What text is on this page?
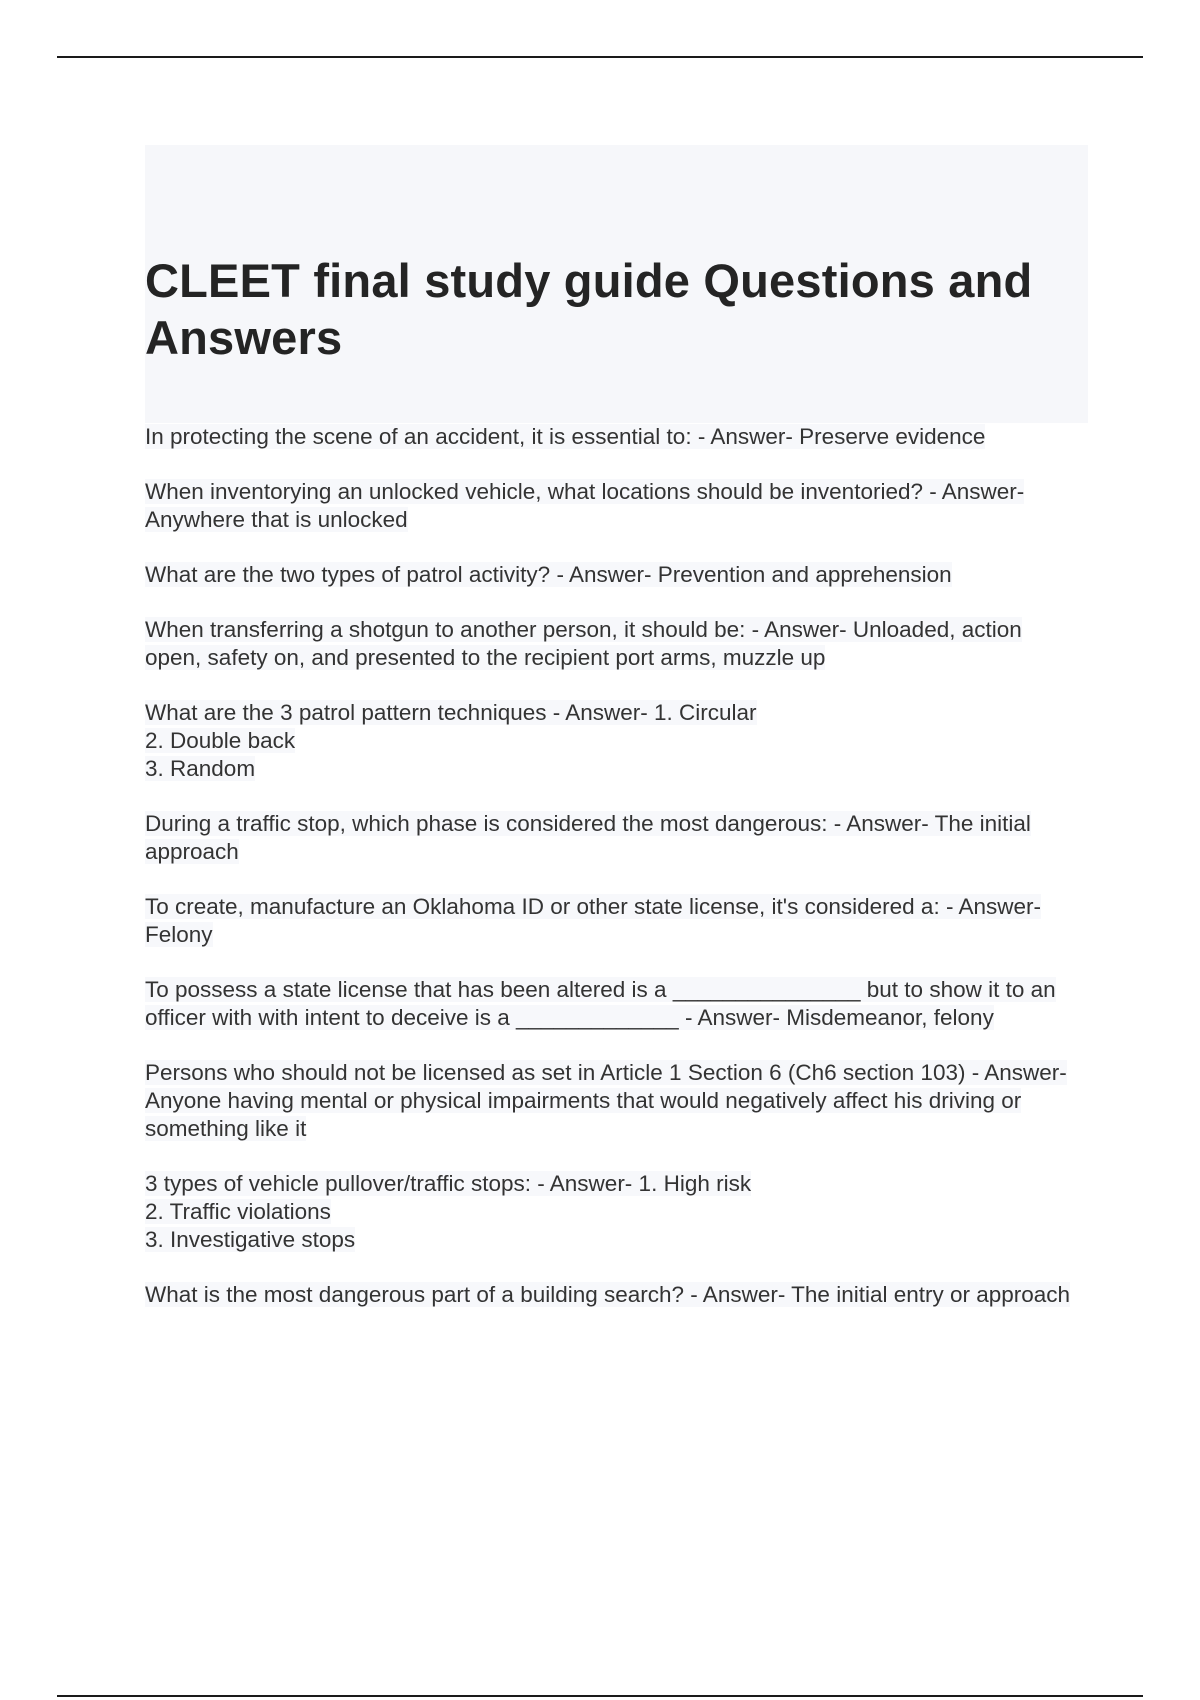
CLEET final study guide Questions and Answers

In protecting the scene of an accident, it is essential to: - Answer- Preserve evidence

When inventorying an unlocked vehicle, what locations should be inventoried? - Answer- Anywhere that is unlocked

What are the two types of patrol activity? - Answer- Prevention and apprehension

When transferring a shotgun to another person, it should be: - Answer- Unloaded, action open, safety on, and presented to the recipient port arms, muzzle up

What are the 3 patrol pattern techniques - Answer- 1. Circular
2. Double back
3. Random

During a traffic stop, which phase is considered the most dangerous: - Answer- The initial approach

To create, manufacture an Oklahoma ID or other state license, it's considered a: - Answer- Felony

To possess a state license that has been altered is a _______________ but to show it to an officer with with intent to deceive is a _____________ - Answer- Misdemeanor, felony

Persons who should not be licensed as set in Article 1 Section 6 (Ch6 section 103) - Answer- Anyone having mental or physical impairments that would negatively affect his driving or something like it

3 types of vehicle pullover/traffic stops: - Answer- 1. High risk
2. Traffic violations
3. Investigative stops

What is the most dangerous part of a building search? - Answer- The initial entry or approach
